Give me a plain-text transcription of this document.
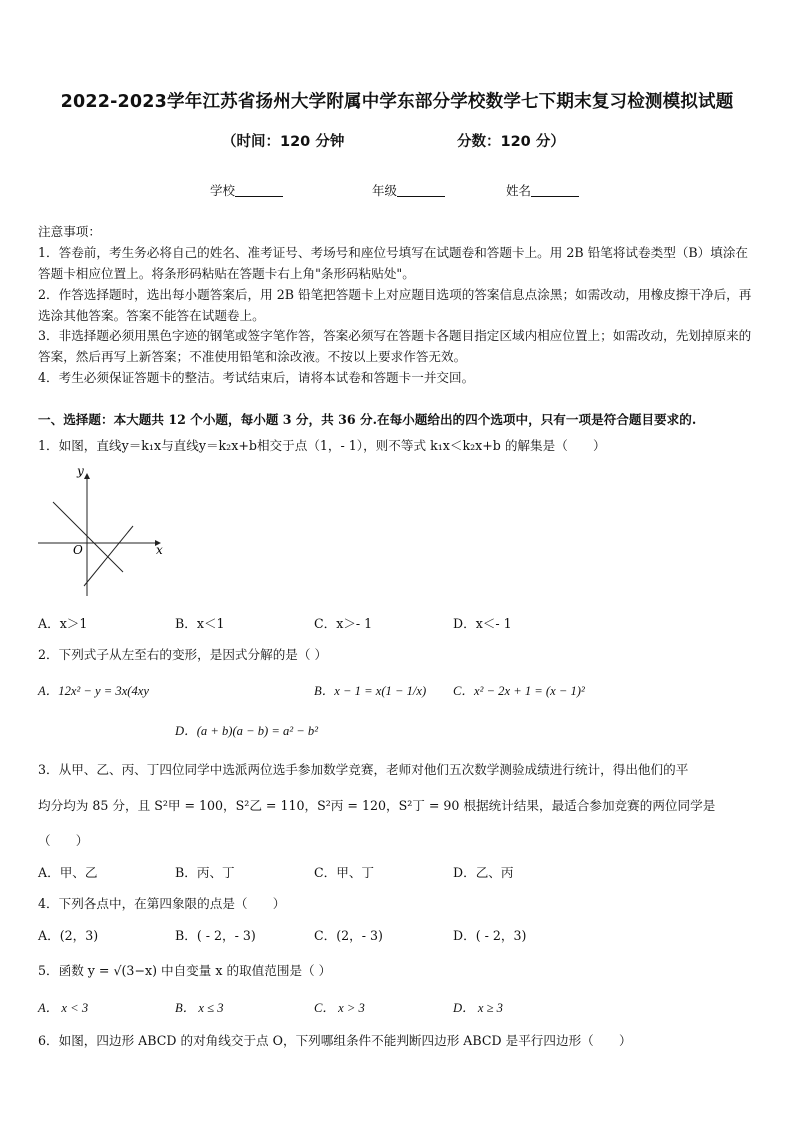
2022-2023学年江苏省扬州大学附属中学东部分学校数学七下期末复习检测模拟试题
（时间：120 分钟	分数：120 分）
学校	年级	姓名
注意事项：
1．答卷前，考生务必将自己的姓名、准考证号、考场号和座位号填写在试题卷和答题卡上。用 2B 铅笔将试卷类型（B）填涂在答题卡相应位置上。将条形码粘贴在答题卡右上角"条形码粘贴处"。
2．作答选择题时，选出每小题答案后，用 2B 铅笔把答题卡上对应题目选项的答案信息点涂黑；如需改动，用橡皮擦干净后，再选涂其他答案。答案不能答在试题卷上。
3．非选择题必须用黑色字迹的钢笔或签字笔作答，答案必须写在答题卡各题目指定区域内相应位置上；如需改动，先划掉原来的答案，然后再写上新答案；不准使用铅笔和涂改液。不按以上要求作答无效。
4．考生必须保证答题卡的整洁。考试结束后，请将本试卷和答题卡一并交回。
一、选择题：本大题共 12 个小题，每小题 3 分，共 36 分.在每小题给出的四个选项中，只有一项是符合题目要求的.
1．如图，直线y＝k₁x与直线y＝k₂x+b相交于点（1，- 1），则不等式 k₁x＜k₂x+b 的解集是（　　）
y
x
O
A．x＞1	B．x＜1	C．x＞- 1	D．x＜- 1
2．下列式子从左至右的变形，是因式分解的是（ ）
A．12x² − y = 3x(4xy	B．x − 1 = x(1 − 1/x) C．x² − 2x + 1 = (x − 1)²
D．(a + b)(a − b) = a² − b²
3．从甲、乙、丙、丁四位同学中选派两位选手参加数学竞赛，老师对他们五次数学测验成绩进行统计，得出他们的平
均分均为 85 分，且 S²甲 = 100，S²乙 = 110，S²丙 = 120，S²丁 = 90 根据统计结果，最适合参加竞赛的两位同学是
（　　）
A．甲、乙	B．丙、丁	C．甲、丁	D．乙、丙
4．下列各点中，在第四象限的点是（　　）
A．(2，3)	B．( - 2，- 3)	C．(2，- 3)	D．( - 2，3)
5．函数 y = √(3−x) 中自变量 x 的取值范围是（ ）
A． x < 3	B． x ≤ 3	C． x > 3	D． x ≥ 3
6．如图，四边形 ABCD 的对角线交于点 O，下列哪组条件不能判断四边形 ABCD 是平行四边形（　　）
